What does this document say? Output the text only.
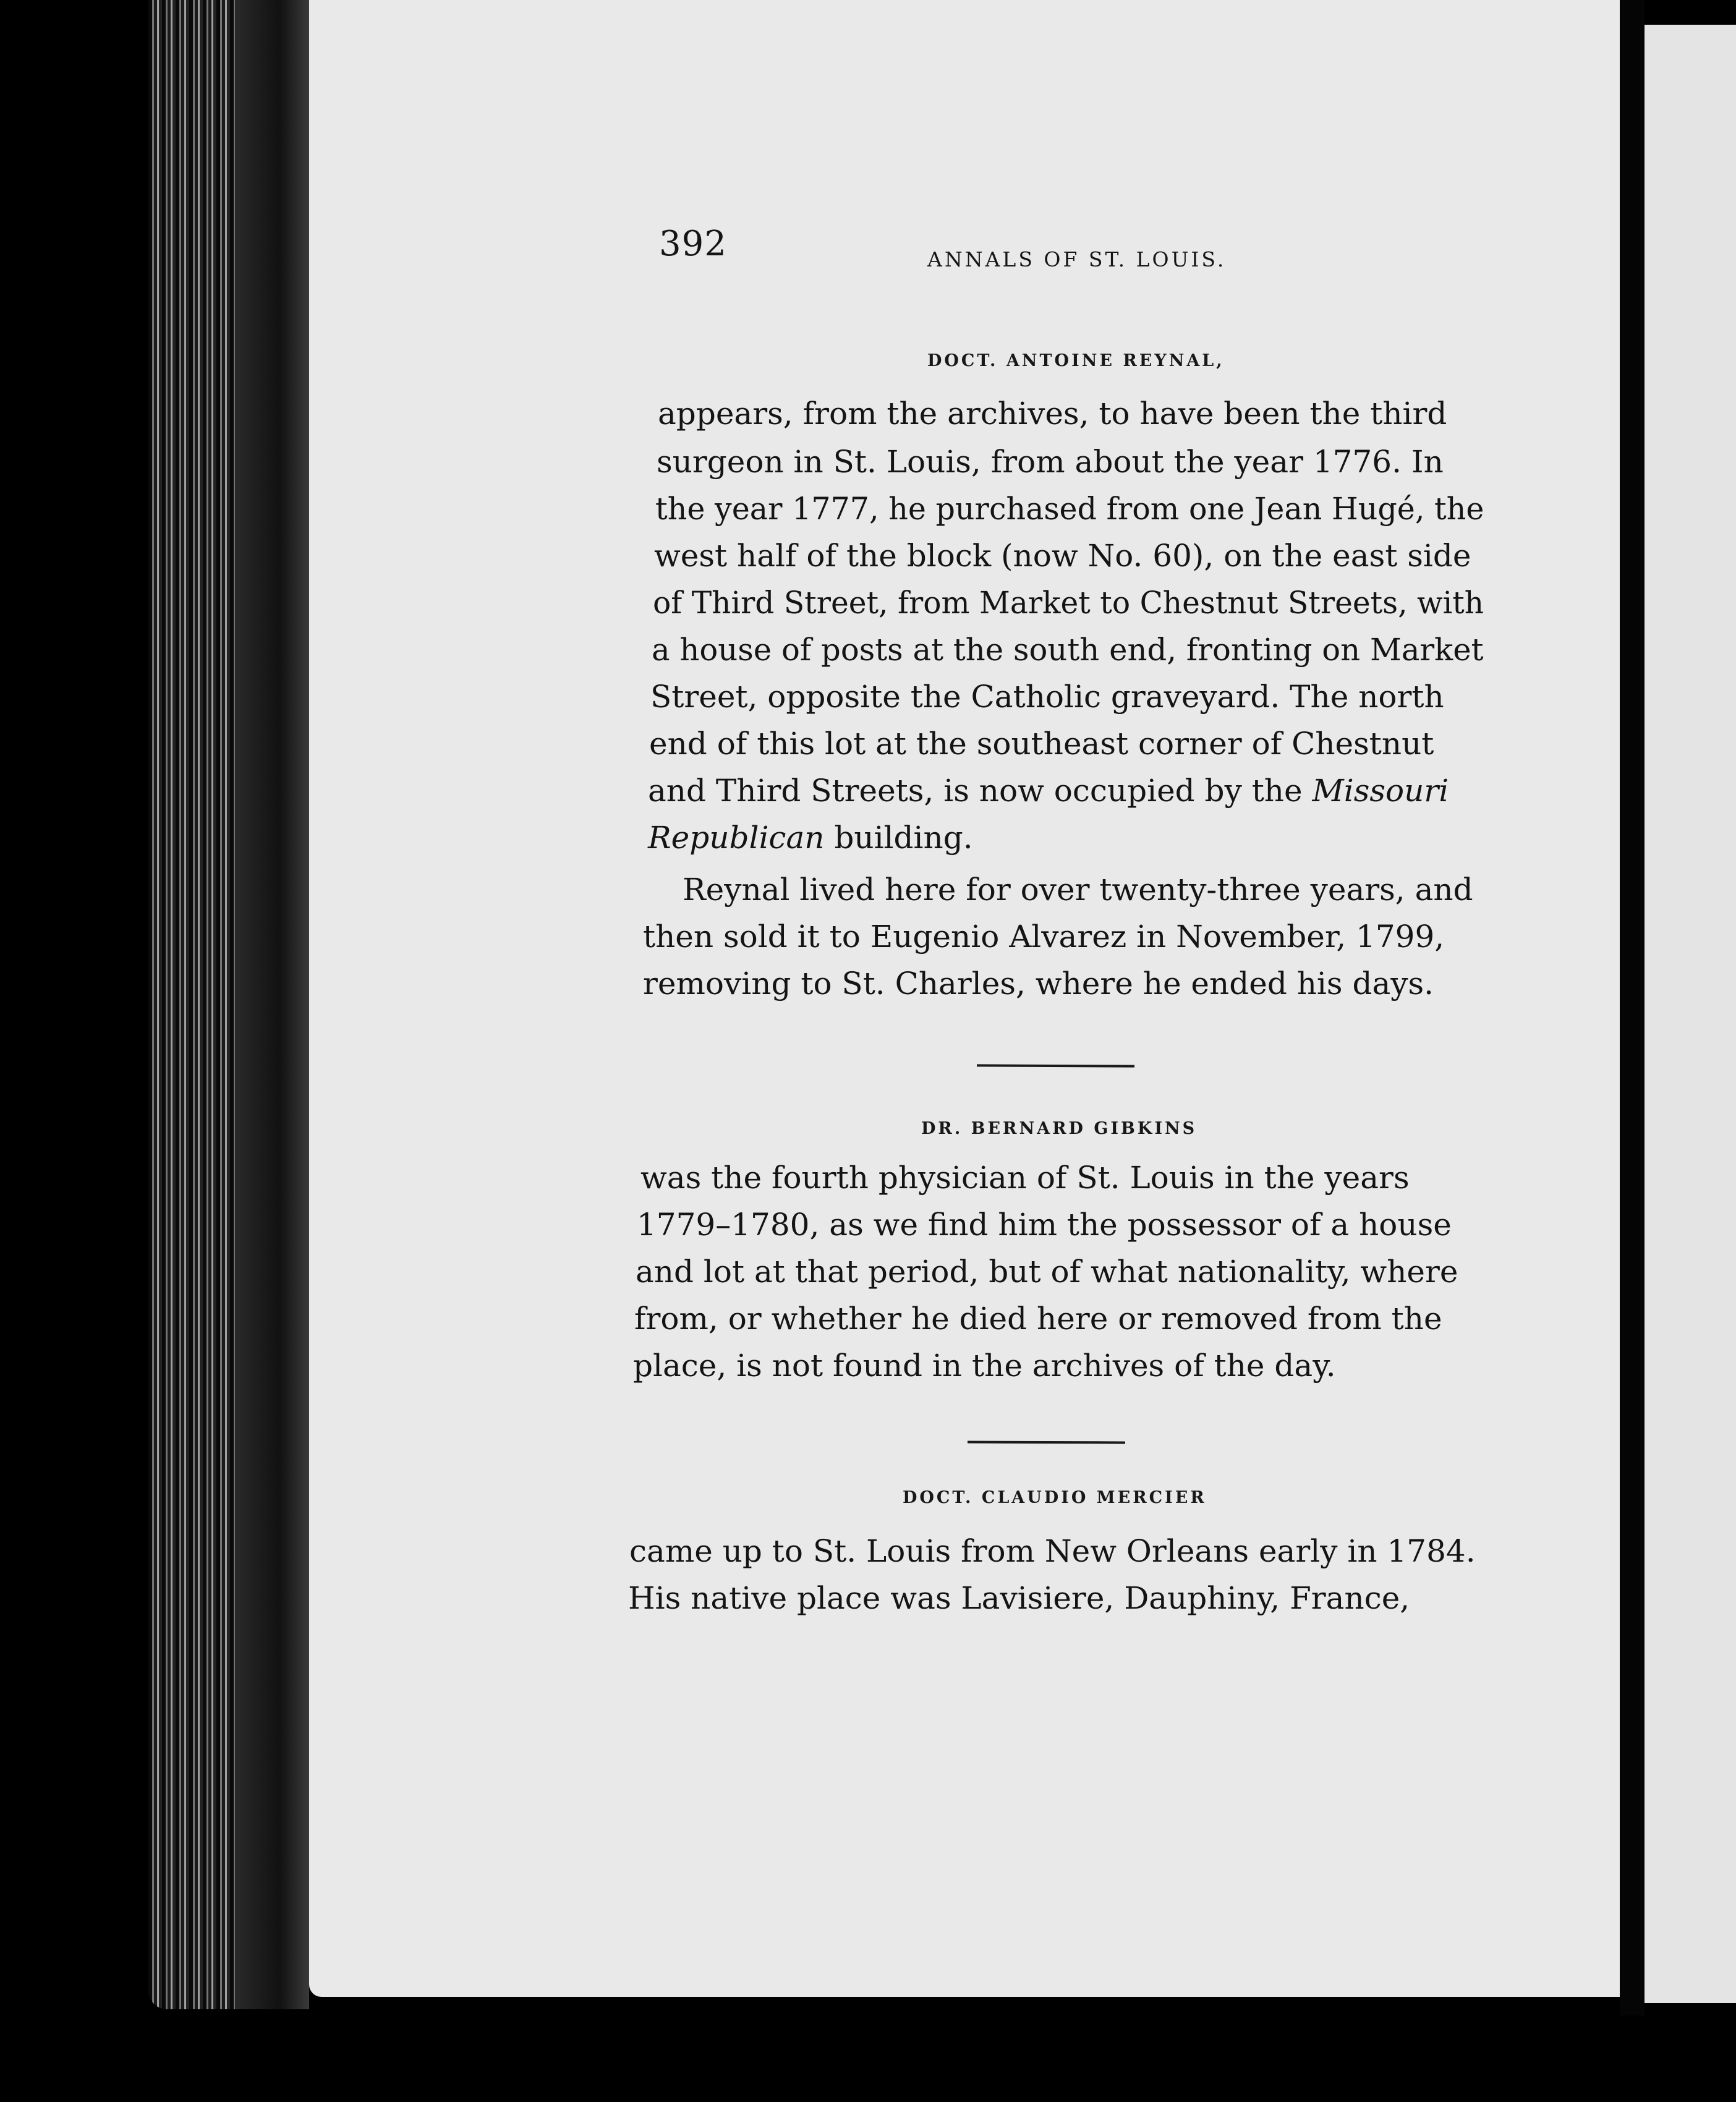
392	ANNALS OF ST. LOUIS.
DOCT. ANTOINE REYNAL,
appears, from the archives, to have been the third
surgeon in St. Louis, from about the year 1776. In
the year 1777, he purchased from one Jean Hugé, the
west half of the block (now No. 60), on the east side
of Third Street, from Market to Chestnut Streets, with
a house of posts at the south end, fronting on Market
Street, opposite the Catholic graveyard. The north
end of this lot at the southeast corner of Chestnut
and Third Streets, is now occupied by the Missouri
Republican building.
Reynal lived here for over twenty-three years, and
then sold it to Eugenio Alvarez in November, 1799,
removing to St. Charles, where he ended his days.
DR. BERNARD GIBKINS
was the fourth physician of St. Louis in the years
1779–1780, as we find him the possessor of a house
and lot at that period, but of what nationality, where
from, or whether he died here or removed from the
place, is not found in the archives of the day.
DOCT. CLAUDIO MERCIER
came up to St. Louis from New Orleans early in 1784.
His native place was Lavisiere, Dauphiny, France,
